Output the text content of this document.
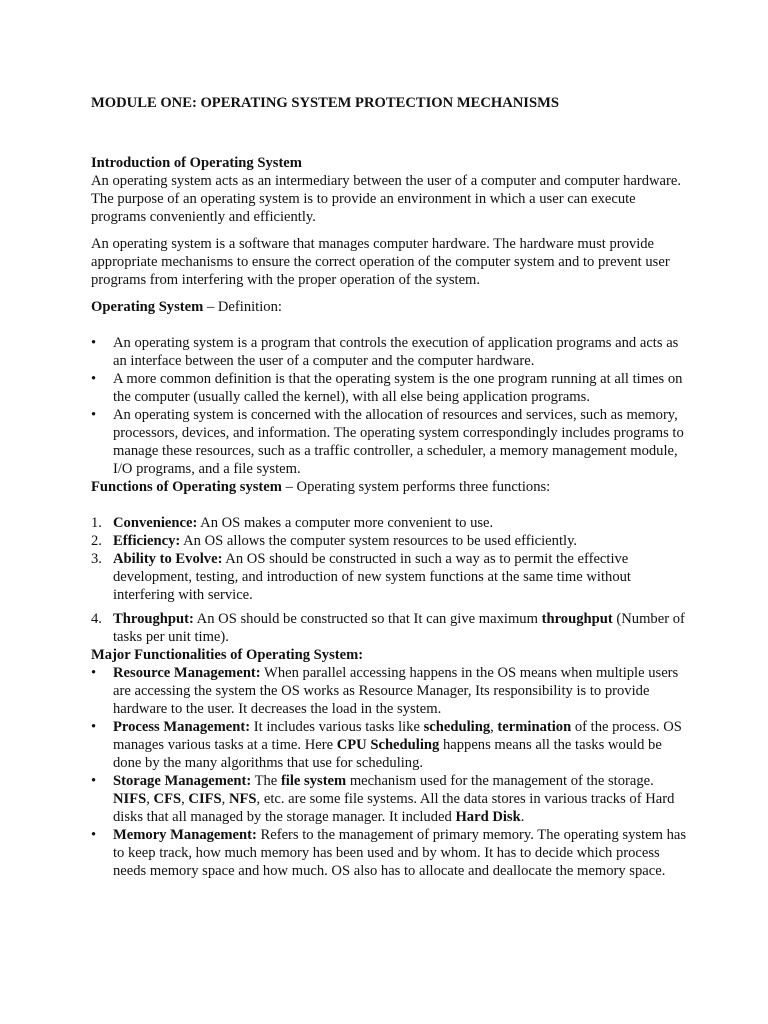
MODULE ONE: OPERATING SYSTEM PROTECTION MECHANISMS

Introduction of Operating System

An operating system acts as an intermediary between the user of a computer and computer hardware. The purpose of an operating system is to provide an environment in which a user can execute programs conveniently and efficiently.

An operating system is a software that manages computer hardware. The hardware must provide appropriate mechanisms to ensure the correct operation of the computer system and to prevent user programs from interfering with the proper operation of the system.

Operating System – Definition:

• An operating system is a program that controls the execution of application programs and acts as an interface between the user of a computer and the computer hardware.
• A more common definition is that the operating system is the one program running at all times on the computer (usually called the kernel), with all else being application programs.
• An operating system is concerned with the allocation of resources and services, such as memory, processors, devices, and information. The operating system correspondingly includes programs to manage these resources, such as a traffic controller, a scheduler, a memory management module, I/O programs, and a file system.

Functions of Operating system – Operating system performs three functions:

1. Convenience: An OS makes a computer more convenient to use.
2. Efficiency: An OS allows the computer system resources to be used efficiently.
3. Ability to Evolve: An OS should be constructed in such a way as to permit the effective development, testing, and introduction of new system functions at the same time without interfering with service.
4. Throughput: An OS should be constructed so that It can give maximum throughput (Number of tasks per unit time).

Major Functionalities of Operating System:

• Resource Management: When parallel accessing happens in the OS means when multiple users are accessing the system the OS works as Resource Manager, Its responsibility is to provide hardware to the user. It decreases the load in the system.
• Process Management: It includes various tasks like scheduling, termination of the process. OS manages various tasks at a time. Here CPU Scheduling happens means all the tasks would be done by the many algorithms that use for scheduling.
• Storage Management: The file system mechanism used for the management of the storage. NIFS, CFS, CIFS, NFS, etc. are some file systems. All the data stores in various tracks of Hard disks that all managed by the storage manager. It included Hard Disk.
• Memory Management: Refers to the management of primary memory. The operating system has to keep track, how much memory has been used and by whom. It has to decide which process needs memory space and how much. OS also has to allocate and deallocate the memory space.
